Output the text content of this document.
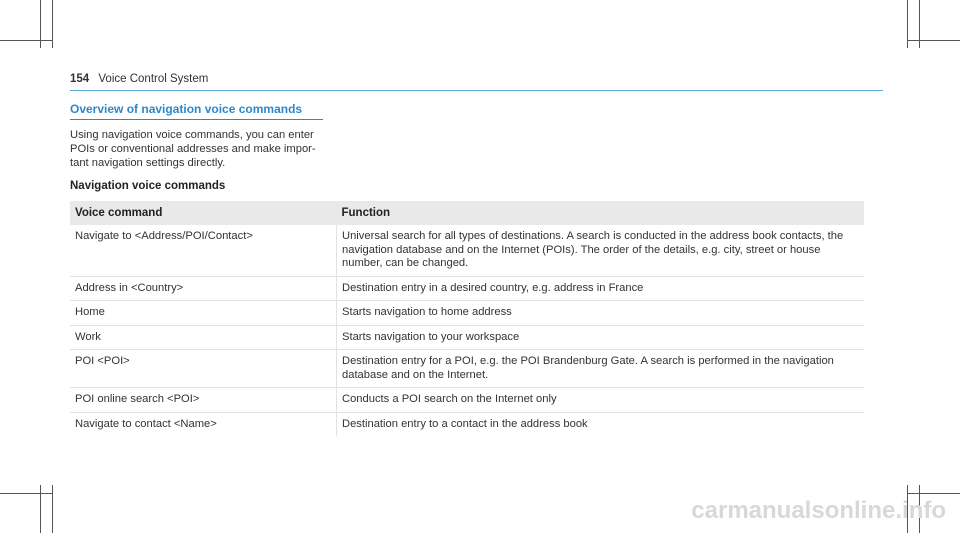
154 Voice Control System
Overview of navigation voice commands
Using navigation voice commands, you can enter POIs or conventional addresses and make impor- tant navigation settings directly.
Navigation voice commands
Voice command	Function
Navigate to <Address/POI/Contact>	Universal search for all types of destinations. A search is conducted in the address book contacts, the navigation database and on the Internet (POIs). The order of the details, e.g. city, street or house number, can be changed.
Address in <Country>	Destination entry in a desired country, e.g. address in France
Home	Starts navigation to home address
Work	Starts navigation to your workspace
POI <POI>	Destination entry for a POI, e.g. the POI Brandenburg Gate. A search is performed in the navigation database and on the Internet.
POI online search <POI>	Conducts a POI search on the Internet only
Navigate to contact <Name>	Destination entry to a contact in the address book
carmanualsonline.info
